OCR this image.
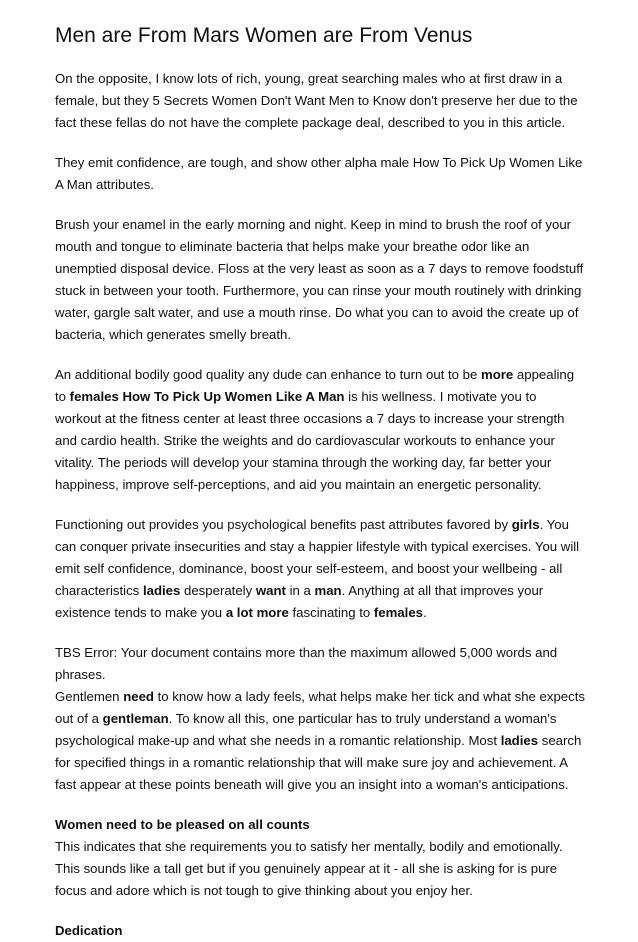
Men are From Mars Women are From Venus

On the opposite, I know lots of rich, young, great searching males who at first draw in a female, but they 5 Secrets Women Don't Want Men to Know don't preserve her due to the fact these fellas do not have the complete package deal, described to you in this article.

They emit confidence, are tough, and show other alpha male How To Pick Up Women Like A Man attributes.

Brush your enamel in the early morning and night. Keep in mind to brush the roof of your mouth and tongue to eliminate bacteria that helps make your breathe odor like an unemptied disposal device. Floss at the very least as soon as a 7 days to remove foodstuff stuck in between your tooth. Furthermore, you can rinse your mouth routinely with drinking water, gargle salt water, and use a mouth rinse. Do what you can to avoid the create up of bacteria, which generates smelly breath.

An additional bodily good quality any dude can enhance to turn out to be more appealing to females How To Pick Up Women Like A Man is his wellness. I motivate you to workout at the fitness center at least three occasions a 7 days to increase your strength and cardio health. Strike the weights and do cardiovascular workouts to enhance your vitality. The periods will develop your stamina through the working day, far better your happiness, improve self-perceptions, and aid you maintain an energetic personality.

Functioning out provides you psychological benefits past attributes favored by girls. You can conquer private insecurities and stay a happier lifestyle with typical exercises. You will emit self confidence, dominance, boost your self-esteem, and boost your wellbeing - all characteristics ladies desperately want in a man. Anything at all that improves your existence tends to make you a lot more fascinating to females.

TBS Error: Your document contains more than the maximum allowed 5,000 words and phrases.

Gentlemen need to know how a lady feels, what helps make her tick and what she expects out of a gentleman. To know all this, one particular has to truly understand a woman's psychological make-up and what she needs in a romantic relationship. Most ladies search for specified things in a romantic relationship that will make sure joy and achievement. A fast appear at these points beneath will give you an insight into a woman's anticipations.

Women need to be pleased on all counts

This indicates that she requirements you to satisfy her mentally, bodily and emotionally. This sounds like a tall get but if you genuinely appear at it - all she is asking for is pure focus and adore which is not tough to give thinking about you enjoy her.

Dedication
